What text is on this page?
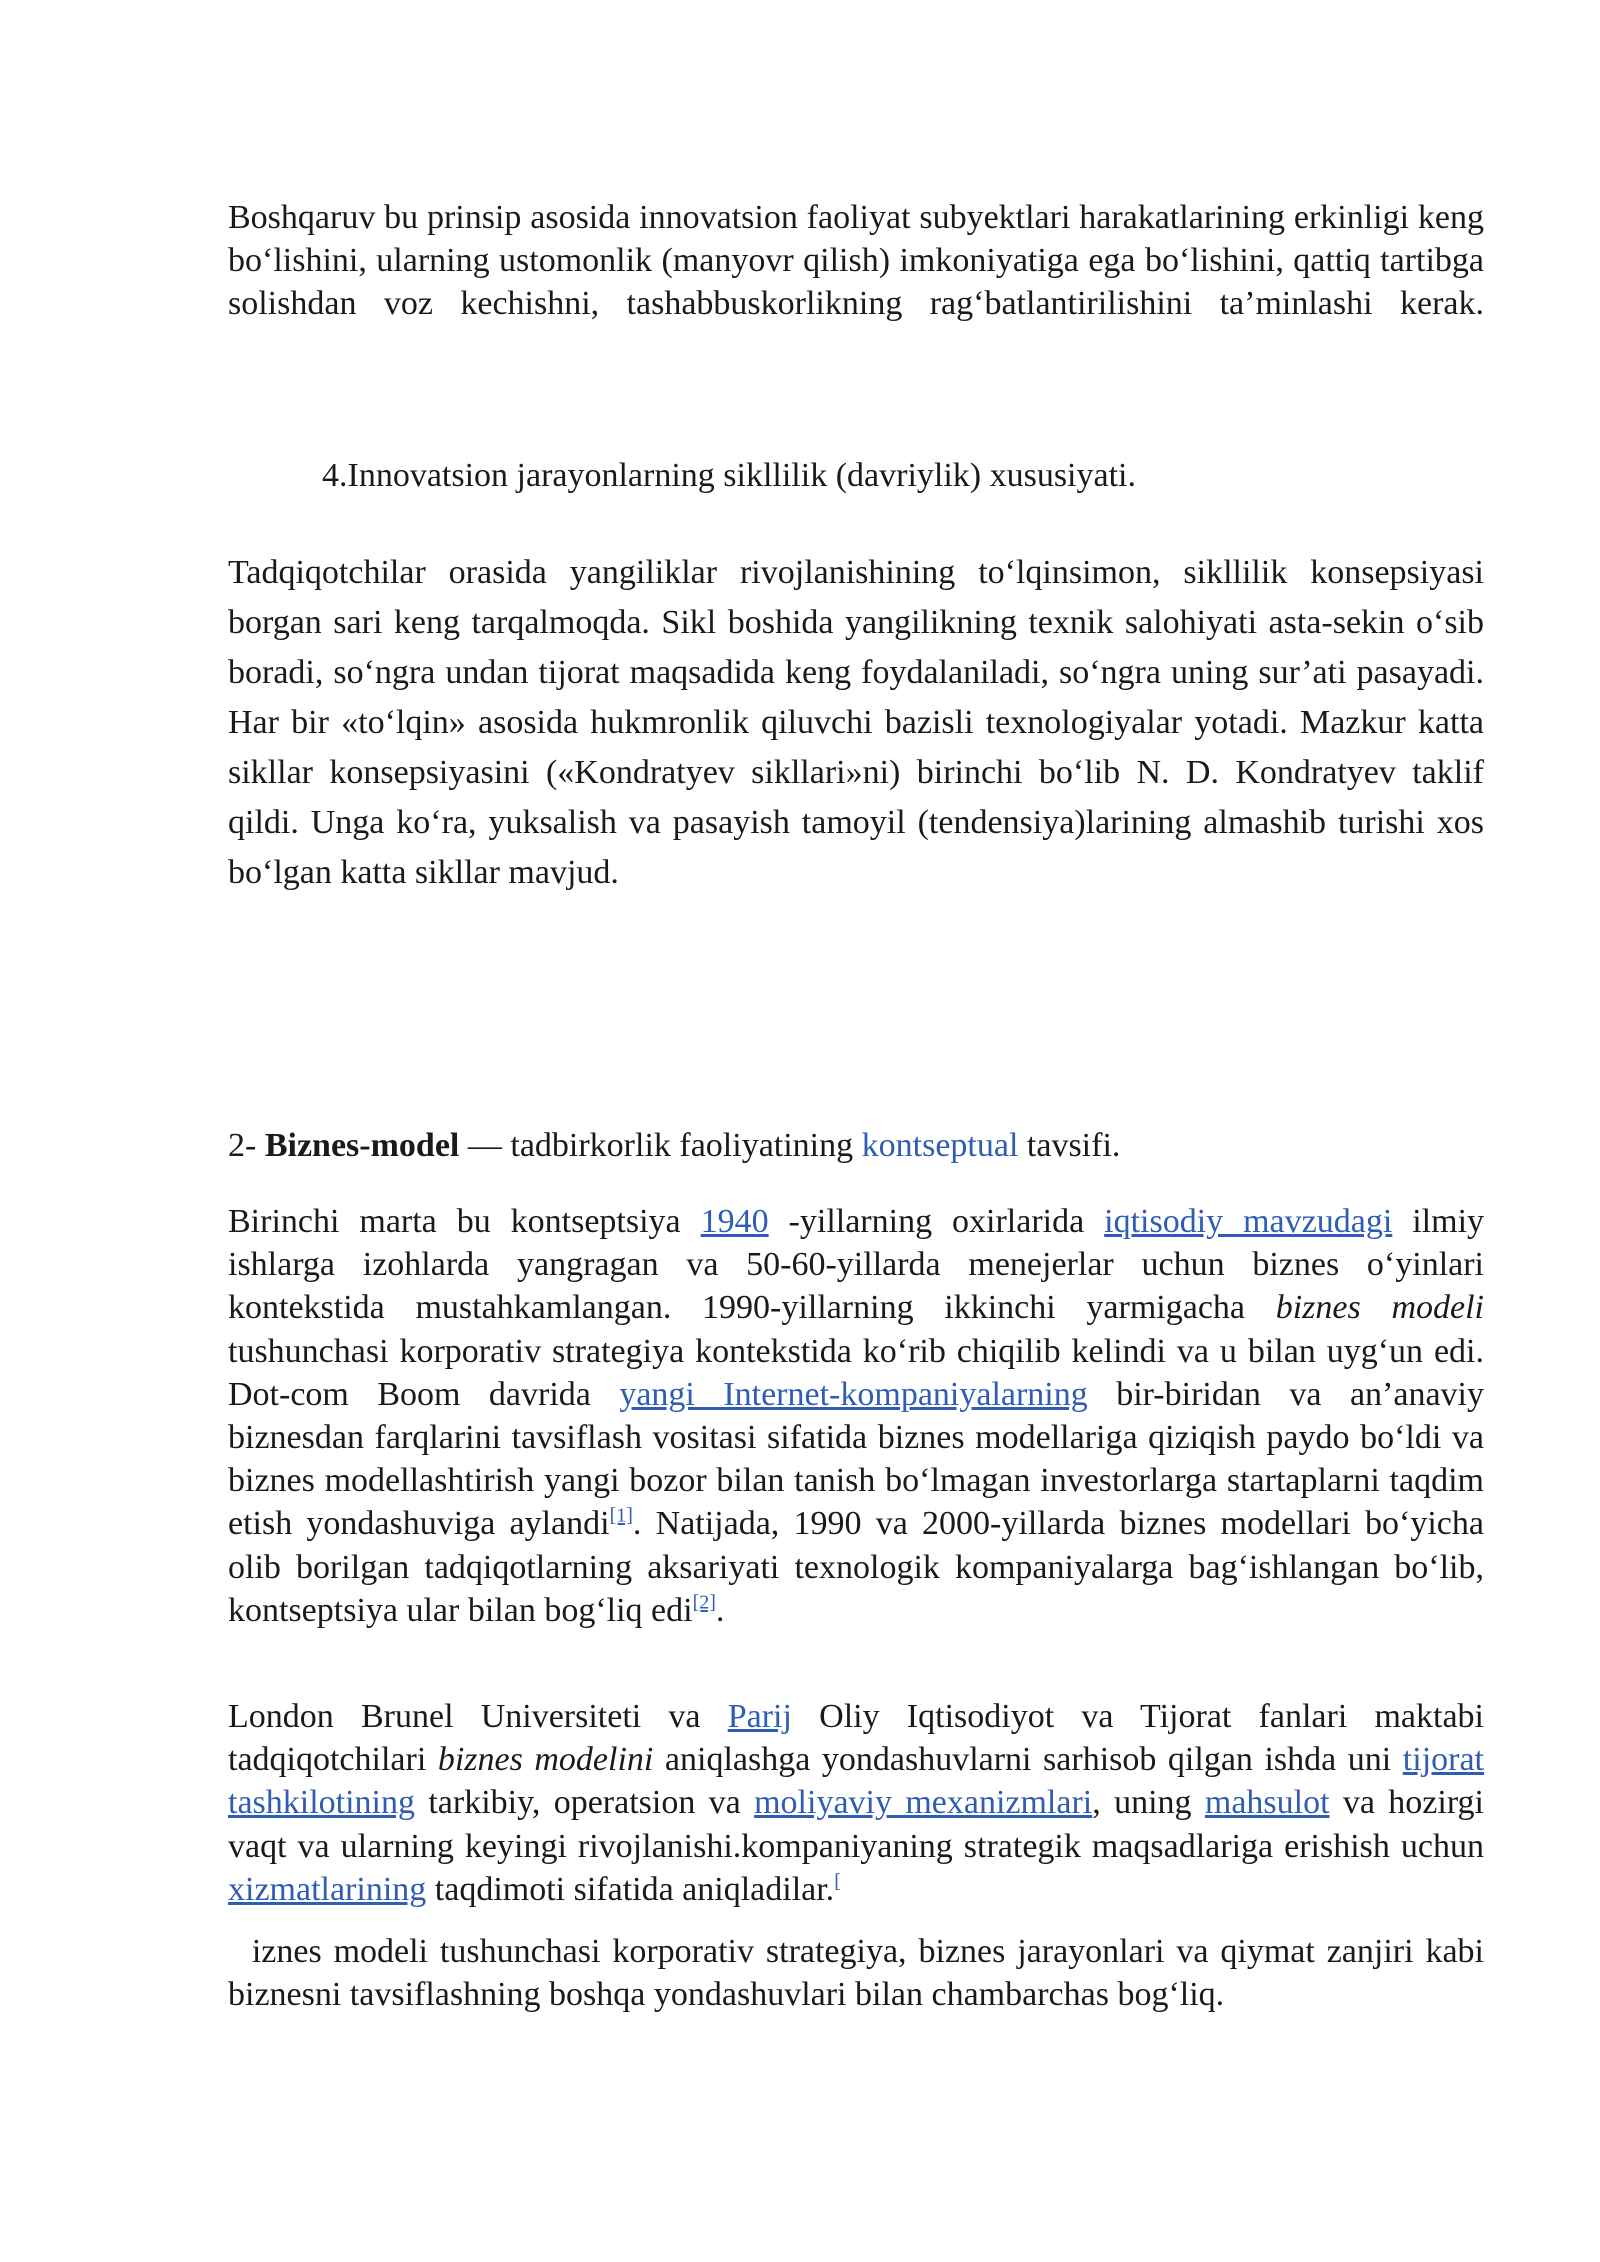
Boshqaruv bu prinsip asosida innovatsion faoliyat subyektlari harakatlarining erkinligi keng bo‘lishini, ularning ustomonlik (manyovr qilish) imkoniyatiga ega bo‘lishini, qattiq tartibga solishdan voz kechishni, tashabbuskorlikning rag‘batlantirilishini ta’minlashi kerak.

4.Innovatsion jarayonlarning sikllilik (davriylik) xususiyati.

Tadqiqotchilar orasida yangiliklar rivojlanishining to‘lqinsimon, sikllilik konsepsiyasi borgan sari keng tarqalmoqda. Sikl boshida yangilikning texnik salohiyati asta-sekin o‘sib boradi, so‘ngra undan tijorat maqsadida keng foydalaniladi, so‘ngra uning sur’ati pasayadi. Har bir «to‘lqin» asosida hukmronlik qiluvchi bazisli texnologiyalar yotadi. Mazkur katta sikllar konsepsiyasini («Kondratyev sikllari»ni) birinchi bo‘lib N. D. Kondratyev taklif qildi. Unga ko‘ra, yuksalish va pasayish tamoyil (tendensiya)larining almashib turishi xos bo‘lgan katta sikllar mavjud.

2- Biznes-model — tadbirkorlik faoliyatining kontseptual tavsifi.

Birinchi marta bu kontseptsiya 1940 -yillarning oxirlarida iqtisodiy mavzudagi ilmiy ishlarga izohlarda yangragan va 50-60-yillarda menejerlar uchun biznes o‘yinlari kontekstida mustahkamlangan. 1990-yillarning ikkinchi yarmigacha biznes modeli tushunchasi korporativ strategiya kontekstida ko‘rib chiqilib kelindi va u bilan uyg‘un edi. Dot-com Boom davrida yangi Internet-kompaniyalarning bir-biridan va an’anaviy biznesdan farqlarini tavsiflash vositasi sifatida biznes modellariga qiziqish paydo bo‘ldi va biznes modellashtirish yangi bozor bilan tanish bo‘lmagan investorlarga startaplarni taqdim etish yondashuviga aylandi[1]. Natijada, 1990 va 2000-yillarda biznes modellari bo‘yicha olib borilgan tadqiqotlarning aksariyati texnologik kompaniyalarga bag‘ishlangan bo‘lib, kontseptsiya ular bilan bog‘liq edi[2].

London Brunel Universiteti va Parij Oliy Iqtisodiyot va Tijorat fanlari maktabi tadqiqotchilari biznes modelini aniqlashga yondashuvlarni sarhisob qilgan ishda uni tijorat tashkilotining tarkibiy, operatsion va moliyaviy mexanizmlari, uning mahsulot va hozirgi vaqt va ularning keyingi rivojlanishi.kompaniyaning strategik maqsadlariga erishish uchun xizmatlarining taqdimoti sifatida aniqladilar.[

iznes modeli tushunchasi korporativ strategiya, biznes jarayonlari va qiymat zanjiri kabi biznesni tavsiflashning boshqa yondashuvlari bilan chambarchas bog‘liq.
